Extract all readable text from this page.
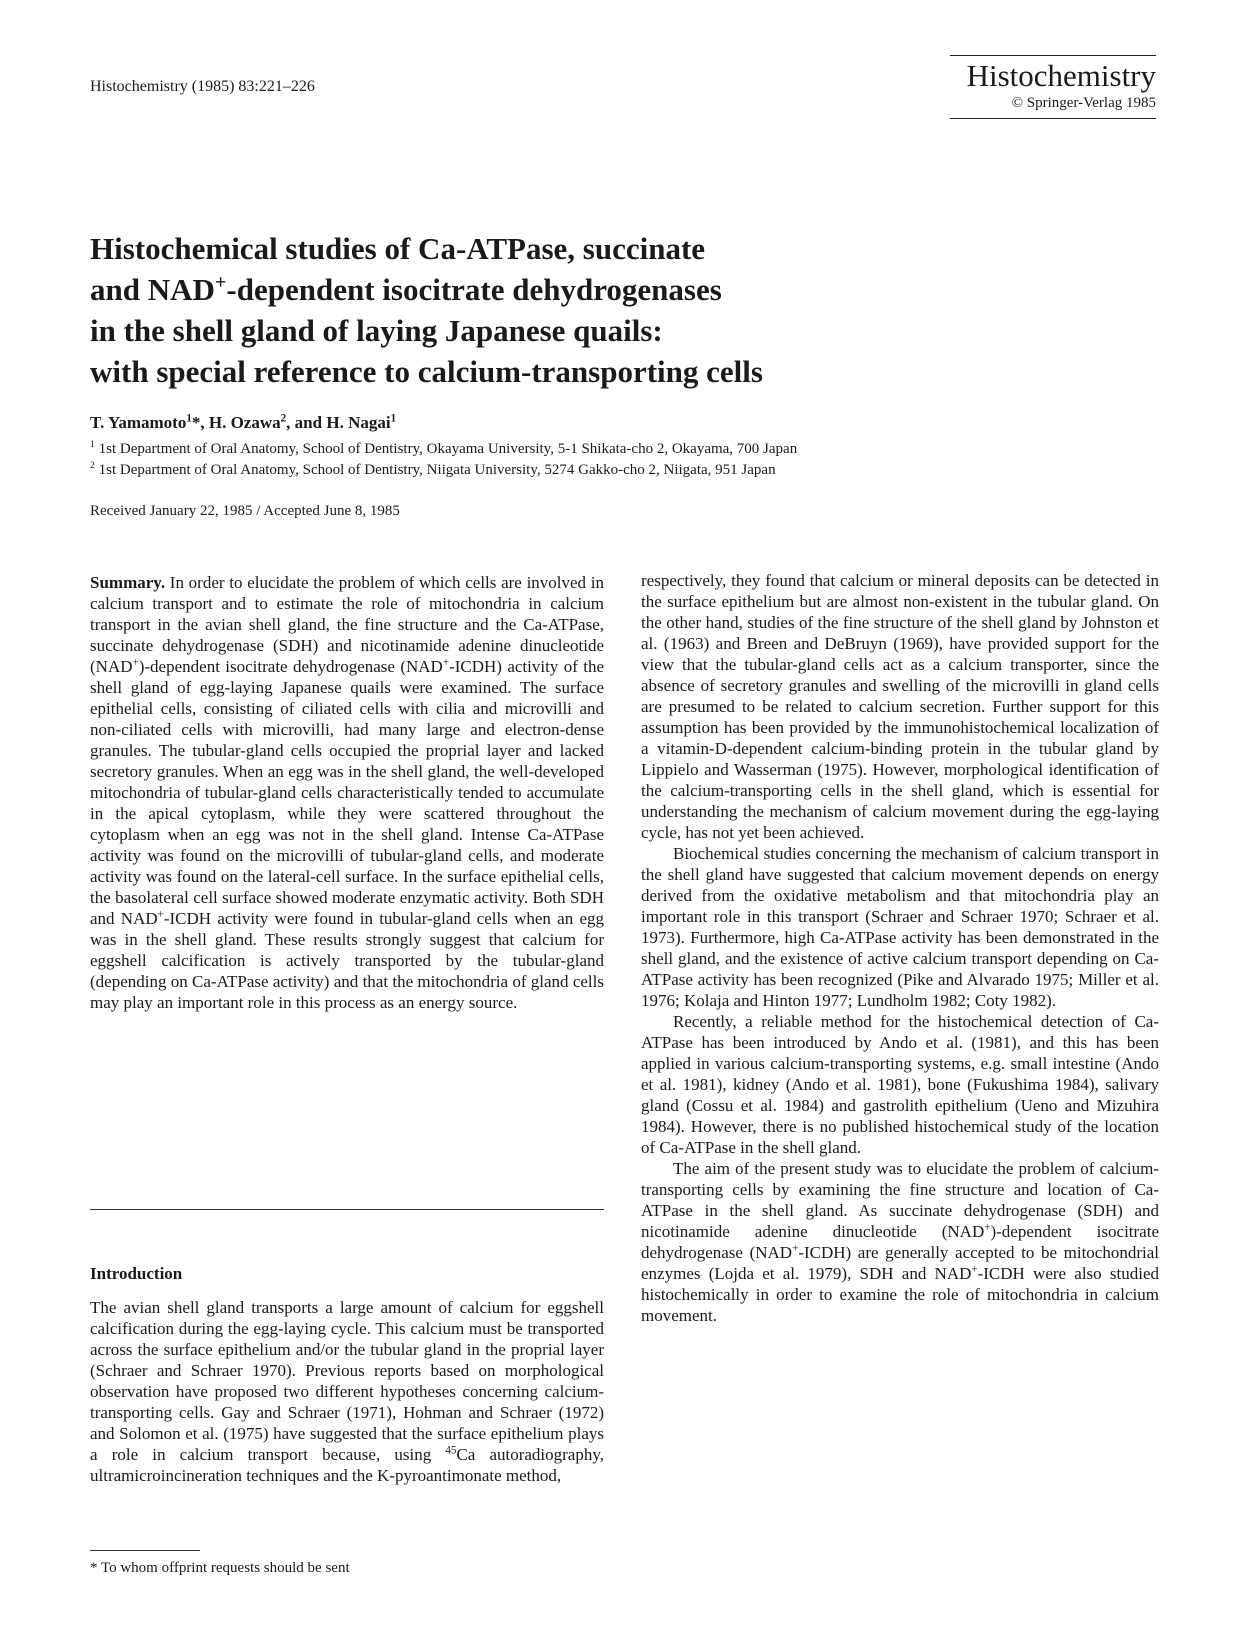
Histochemistry (1985) 83:221–226	Histochemistry
© Springer-Verlag 1985
Histochemical studies of Ca-ATPase, succinate
and NAD+-dependent isocitrate dehydrogenases
in the shell gland of laying Japanese quails:
with special reference to calcium-transporting cells
T. Yamamoto$^1$*, H. Ozawa$^2$, and H. Nagai$^1$
$^1$ 1st Department of Oral Anatomy, School of Dentistry, Okayama University, 5-1 Shikata-cho 2, Okayama, 700 Japan
$^2$ 1st Department of Oral Anatomy, School of Dentistry, Niigata University, 5274 Gakko-cho 2, Niigata, 951 Japan
Received January 22, 1985 / Accepted June 8, 1985

Summary. In order to elucidate the problem of which cells are involved in calcium transport and to estimate the role of mitochondria in calcium transport in the avian shell gland, the fine structure and the Ca-ATPase, succinate dehydrogenase (SDH) and nicotinamide adenine dinucleotide (NAD+)-dependent isocitrate dehydrogenase (NAD+-ICDH) activity of the shell gland of egg-laying Japanese quails were examined. The surface epithelial cells, consisting of ciliated cells with cilia and microvilli and non-ciliated cells with microvilli, had many large and electron-dense granules. The tubular-gland cells occupied the proprial layer and lacked secretory granules. When an egg was in the shell gland, the well-developed mitochondria of tubular-gland cells characteristically tended to accumulate in the apical cytoplasm, while they were scattered throughout the cytoplasm when an egg was not in the shell gland. Intense Ca-ATPase activity was found on the microvilli of tubular-gland cells, and moderate activity was found on the lateral-cell surface. In the surface epithelial cells, the basolateral cell surface showed moderate enzymatic activity. Both SDH and NAD+-ICDH activity were found in tubular-gland cells when an egg was in the shell gland. These results strongly suggest that calcium for eggshell calcification is actively transported by the tubular-gland (depending on Ca-ATPase activity) and that the mitochondria of gland cells may play an important role in this process as an energy source.

Introduction

The avian shell gland transports a large amount of calcium for eggshell calcification during the egg-laying cycle. This calcium must be transported across the surface epithelium and/or the tubular gland in the proprial layer (Schraer and Schraer 1970). Previous reports based on morphological observation have proposed two different hypotheses concerning calcium-transporting cells. Gay and Schraer (1971), Hohman and Schraer (1972) and Solomon et al. (1975) have suggested that the surface epithelium plays a role in calcium transport because, using $^{45}$Ca autoradiography, ultramicroincineration techniques and the K-pyroantimonate method,

respectively, they found that calcium or mineral deposits can be detected in the surface epithelium but are almost non-existent in the tubular gland. On the other hand, studies of the fine structure of the shell gland by Johnston et al. (1963) and Breen and DeBruyn (1969), have provided support for the view that the tubular-gland cells act as a calcium transporter, since the absence of secretory granules and swelling of the microvilli in gland cells are presumed to be related to calcium secretion. Further support for this assumption has been provided by the immunohistochemical localization of a vitamin-D-dependent calcium-binding protein in the tubular gland by Lippielo and Wasserman (1975). However, morphological identification of the calcium-transporting cells in the shell gland, which is essential for understanding the mechanism of calcium movement during the egg-laying cycle, has not yet been achieved.

Biochemical studies concerning the mechanism of calcium transport in the shell gland have suggested that calcium movement depends on energy derived from the oxidative metabolism and that mitochondria play an important role in this transport (Schraer and Schraer 1970; Schraer et al. 1973). Furthermore, high Ca-ATPase activity has been demonstrated in the shell gland, and the existence of active calcium transport depending on Ca-ATPase activity has been recognized (Pike and Alvarado 1975; Miller et al. 1976; Kolaja and Hinton 1977; Lundholm 1982; Coty 1982).

Recently, a reliable method for the histochemical detection of Ca-ATPase has been introduced by Ando et al. (1981), and this has been applied in various calcium-transporting systems, e.g. small intestine (Ando et al. 1981), kidney (Ando et al. 1981), bone (Fukushima 1984), salivary gland (Cossu et al. 1984) and gastrolith epithelium (Ueno and Mizuhira 1984). However, there is no published histochemical study of the location of Ca-ATPase in the shell gland.

The aim of the present study was to elucidate the problem of calcium-transporting cells by examining the fine structure and location of Ca-ATPase in the shell gland. As succinate dehydrogenase (SDH) and nicotinamide adenine dinucleotide (NAD+)-dependent isocitrate dehydrogenase (NAD+-ICDH) are generally accepted to be mitochondrial enzymes (Lojda et al. 1979), SDH and NAD+-ICDH were also studied histochemically in order to examine the role of mitochondria in calcium movement.

* To whom offprint requests should be sent
